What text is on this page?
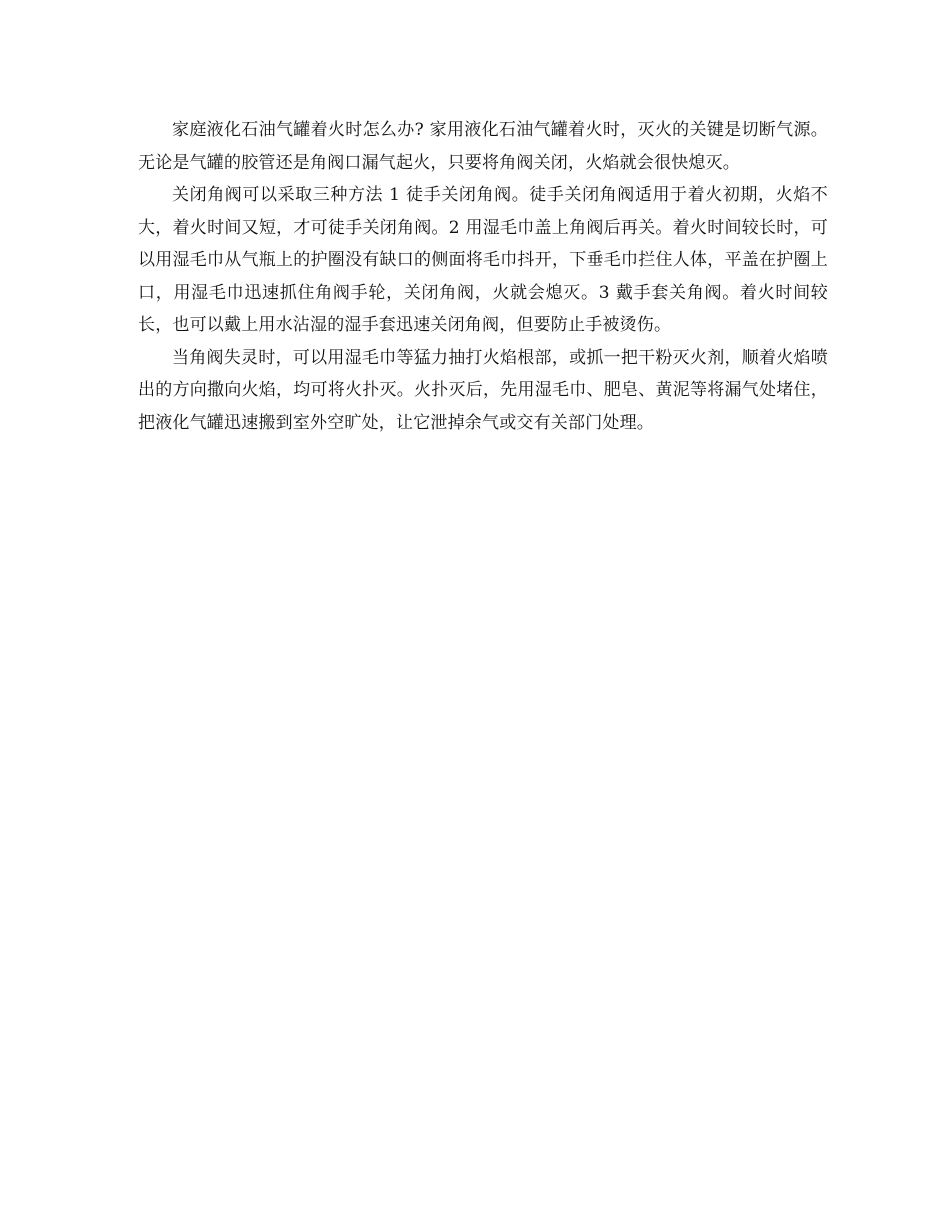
家庭液化石油气罐着火时怎么办? 家用液化石油气罐着火时，灭火的关键是切断气源。无论是气罐的胶管还是角阀口漏气起火，只要将角阀关闭，火焰就会很快熄灭。

关闭角阀可以采取三种方法 1 徒手关闭角阀。徒手关闭角阀适用于着火初期，火焰不大，着火时间又短，才可徒手关闭角阀。2 用湿毛巾盖上角阀后再关。着火时间较长时，可以用湿毛巾从气瓶上的护圈没有缺口的侧面将毛巾抖开，下垂毛巾拦住人体，平盖在护圈上口，用湿毛巾迅速抓住角阀手轮，关闭角阀，火就会熄灭。3 戴手套关角阀。着火时间较长，也可以戴上用水沾湿的湿手套迅速关闭角阀，但要防止手被烫伤。

当角阀失灵时，可以用湿毛巾等猛力抽打火焰根部，或抓一把干粉灭火剂，顺着火焰喷出的方向撒向火焰，均可将火扑灭。火扑灭后，先用湿毛巾、肥皂、黄泥等将漏气处堵住，把液化气罐迅速搬到室外空旷处，让它泄掉余气或交有关部门处理。
